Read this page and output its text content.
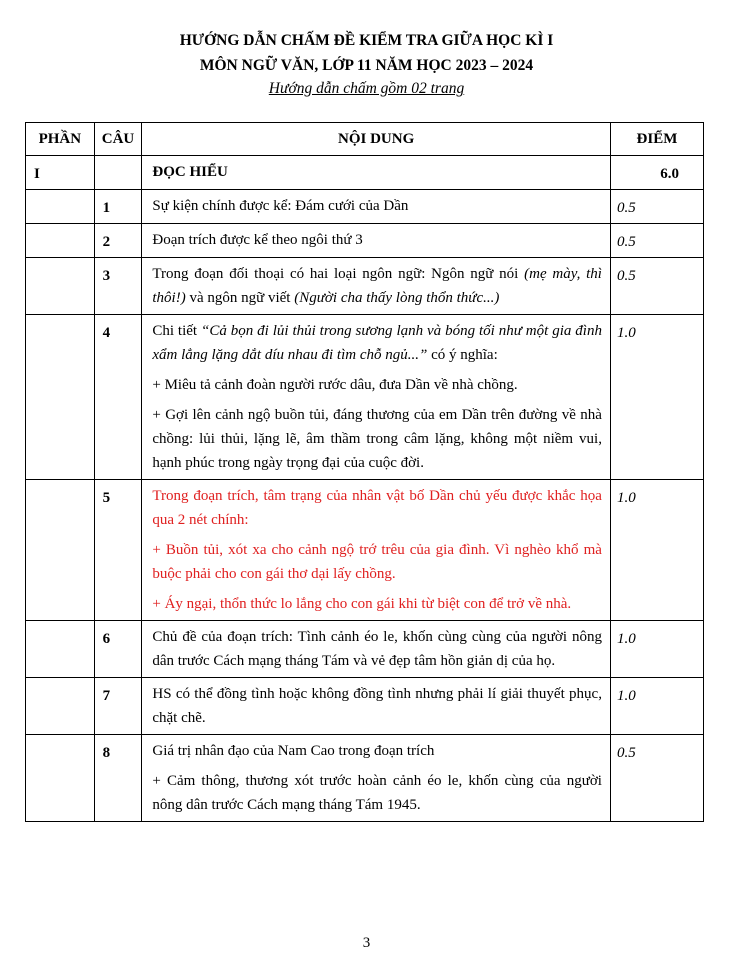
HƯỚNG DẪN CHẤM ĐỀ KIỂM TRA GIỮA HỌC KÌ I
MÔN NGỮ VĂN, LỚP 11 NĂM HỌC 2023 – 2024
Hướng dẫn chấm gồm 02 trang
PHẦN	CÂU	NỘI DUNG	ĐIỂM
I		ĐỌC HIỂU	6.0
	1	Sự kiện chính được kể: Đám cưới của Dần	0.5
	2	Đoạn trích được kể theo ngôi thứ 3	0.5
	3	Trong đoạn đối thoại có hai loại ngôn ngữ: Ngôn ngữ nói (mẹ mày, thì thôi!) và ngôn ngữ viết (Người cha thấy lòng thổn thức...)	0.5
	4	Chi tiết “Cả bọn đi lủi thủi trong sương lạnh và bóng tối như một gia đình xẩm lẳng lặng dắt díu nhau đi tìm chỗ ngủ...” có ý nghĩa:
+ Miêu tả cảnh đoàn người rước dâu, đưa Dần về nhà chồng.
+ Gợi lên cảnh ngộ buồn tủi, đáng thương của em Dần trên đường về nhà chồng: lủi thủi, lặng lẽ, âm thầm trong câm lặng, không một niềm vui, hạnh phúc trong ngày trọng đại của cuộc đời.	1.0
	5	Trong đoạn trích, tâm trạng của nhân vật bố Dần chủ yếu được khắc họa qua 2 nét chính:
+ Buồn tủi, xót xa cho cảnh ngộ trớ trêu của gia đình. Vì nghèo khổ mà buộc phải cho con gái thơ dại lấy chồng.
+ Áy ngại, thổn thức lo lắng cho con gái khi từ biệt con để trở về nhà.	1.0
	6	Chủ đề của đoạn trích: Tình cảnh éo le, khốn cùng cùng của người nông dân trước Cách mạng tháng Tám và vẻ đẹp tâm hồn giản dị của họ.	1.0
	7	HS có thể đồng tình hoặc không đồng tình nhưng phải lí giải thuyết phục, chặt chẽ.	1.0
	8	Giá trị nhân đạo của Nam Cao trong đoạn trích
+ Cảm thông, thương xót trước hoàn cảnh éo le, khốn cùng của người nông dân trước Cách mạng tháng Tám 1945.	0.5
3
